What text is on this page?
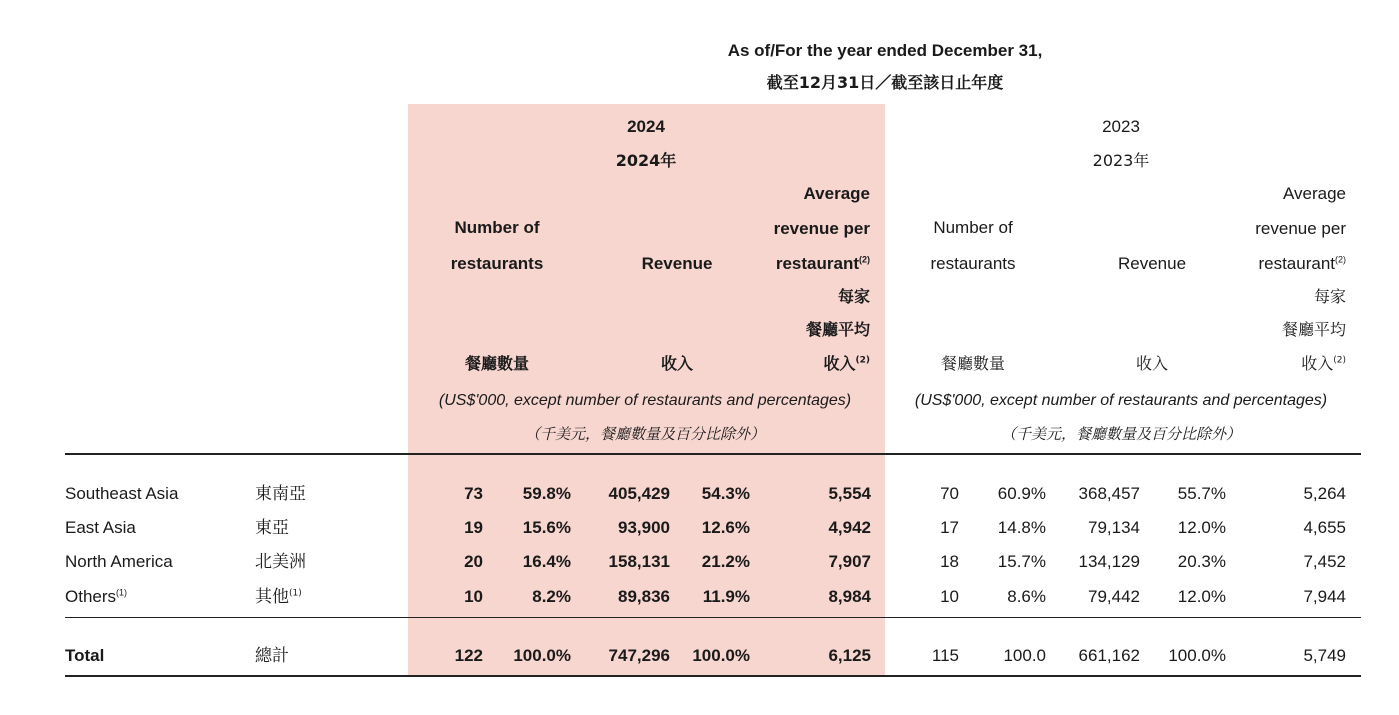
As of/For the year ended December 31,
截至12月31日／截至該日止年度
2024
2024年
Number of
restaurants	Revenue
Average
revenue per
restaurant$^{(2)}$
每家
餐廳平均
收入$^{(2)}$
餐廳數量	收入
(US$'000, except number of restaurants and percentages)
（千美元，餐廳數量及百分比除外）
2023
2023年
Number of
restaurants	Revenue
Average
revenue per
restaurant$^{(2)}$
每家
餐廳平均
收入$^{(2)}$
餐廳數量	收入
(US$'000, except number of restaurants and percentages)
（千美元，餐廳數量及百分比除外）
Southeast Asia	東南亞	73 59.8% 405,429 54.3%	5,554	70 60.9% 368,457 55.7%	5,264
East Asia	東亞	19 15.6%	93,900 12.6%	4,942	17 14.8% 79,134 12.0%	4,655
North America	北美洲	20 16.4% 158,131 21.2%	7,907	18 15.7% 134,129 20.3%	7,452
Others$^{(1)}$	其他$^{(1)}$	10	8.2%	89,836 11.9%	8,984	10	8.6% 79,442 12.0%	7,944
Total	總計	122 100.0% 747,296 100.0%	6,125	115	100.0 661,162 100.0%	5,749
